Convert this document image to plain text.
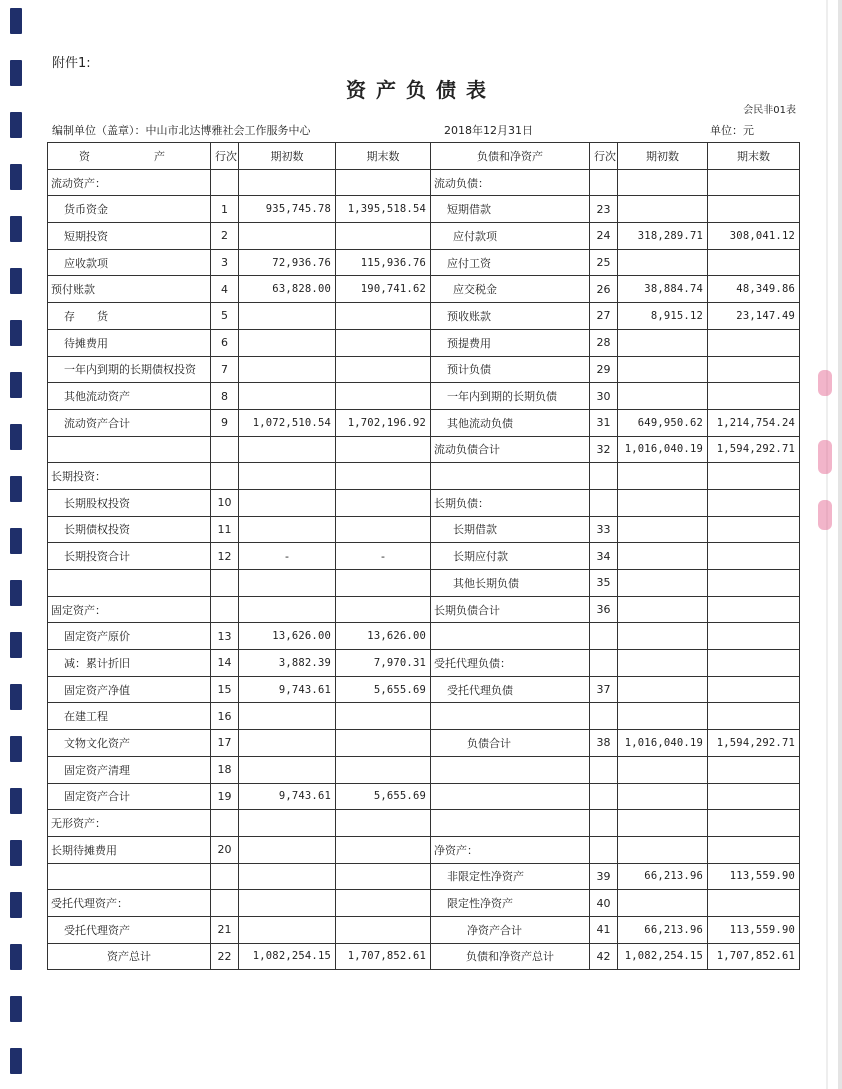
附件1:
资产负债表
会民非01表
编制单位（盖章）：中山市北达博雅社会工作服务中心	2018年12月31日	单位：元
资　　产	行次	期初数	期末数	负债和净资产	行次	期初数	期末数
流动资产：				流动负债：			
货币资金	1	935,745.78	1,395,518.54	短期借款	23		
短期投资	2			应付款项	24	318,289.71	308,041.12
应收款项	3	72,936.76	115,936.76	应付工资	25		
预付账款	4	63,828.00	190,741.62	应交税金	26	38,884.74	48,349.86
存　　货	5			预收账款	27	8,915.12	23,147.49
待摊费用	6			预提费用	28		
一年内到期的长期债权投资	7			预计负债	29		
其他流动资产	8			一年内到期的长期负债	30		
流动资产合计	9	1,072,510.54	1,702,196.92	其他流动负债	31	649,950.62	1,214,754.24
				流动负债合计	32	1,016,040.19	1,594,292.71
长期投资：							
长期股权投资	10			长期负债：			
长期债权投资	11			长期借款	33		
长期投资合计	12	-	-	长期应付款	34		
				其他长期负债	35		
固定资产：				长期负债合计	36		
固定资产原价	13	13,626.00	13,626.00				
减：累计折旧	14	3,882.39	7,970.31	受托代理负债：			
固定资产净值	15	9,743.61	5,655.69	受托代理负债	37		
在建工程	16						
文物文化资产	17			负债合计	38	1,016,040.19	1,594,292.71
固定资产清理	18						
固定资产合计	19	9,743.61	5,655.69				
无形资产：							
长期待摊费用	20			净资产：			
				非限定性净资产	39	66,213.96	113,559.90
受托代理资产：				限定性净资产	40		
受托代理资产	21			净资产合计	41	66,213.96	113,559.90
资产总计	22	1,082,254.15	1,707,852.61	负债和净资产总计	42	1,082,254.15	1,707,852.61
